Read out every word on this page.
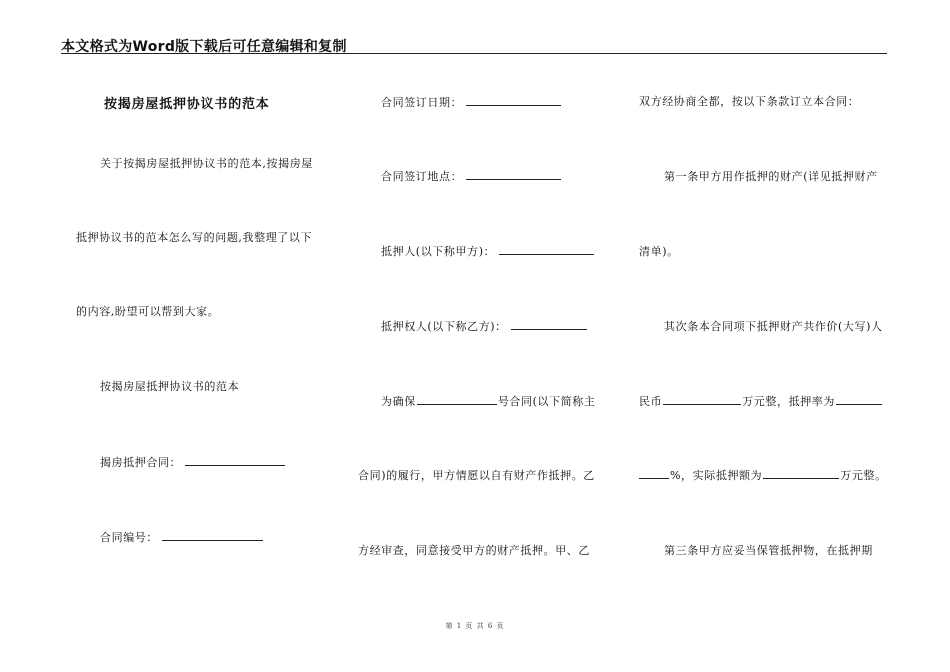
本文格式为Word版下载后可任意编辑和复制
按揭房屋抵押协议书的范本
关于按揭房屋抵押协议书的范本,按揭房屋
抵押协议书的范本怎么写的问题,我整理了以下
的内容,盼望可以帮到大家。
按揭房屋抵押协议书的范本
揭房抵押合同：
合同编号：
合同签订日期：
合同签订地点：
抵押人(以下称甲方)：
抵押权人(以下称乙方)：
为确保	号合同(以下简称主
合同)的履行，甲方情愿以自有财产作抵押。乙
方经审查，同意接受甲方的财产抵押。甲、乙
双方经协商全都，按以下条款订立本合同：
第一条甲方用作抵押的财产(详见抵押财产
清单)。
其次条本合同项下抵押财产共作价(大写)人
民币	万元整，抵押率为
%，实际抵押额为	万元整。
第三条甲方应妥当保管抵押物，在抵押期
第 1 页 共 6 页
